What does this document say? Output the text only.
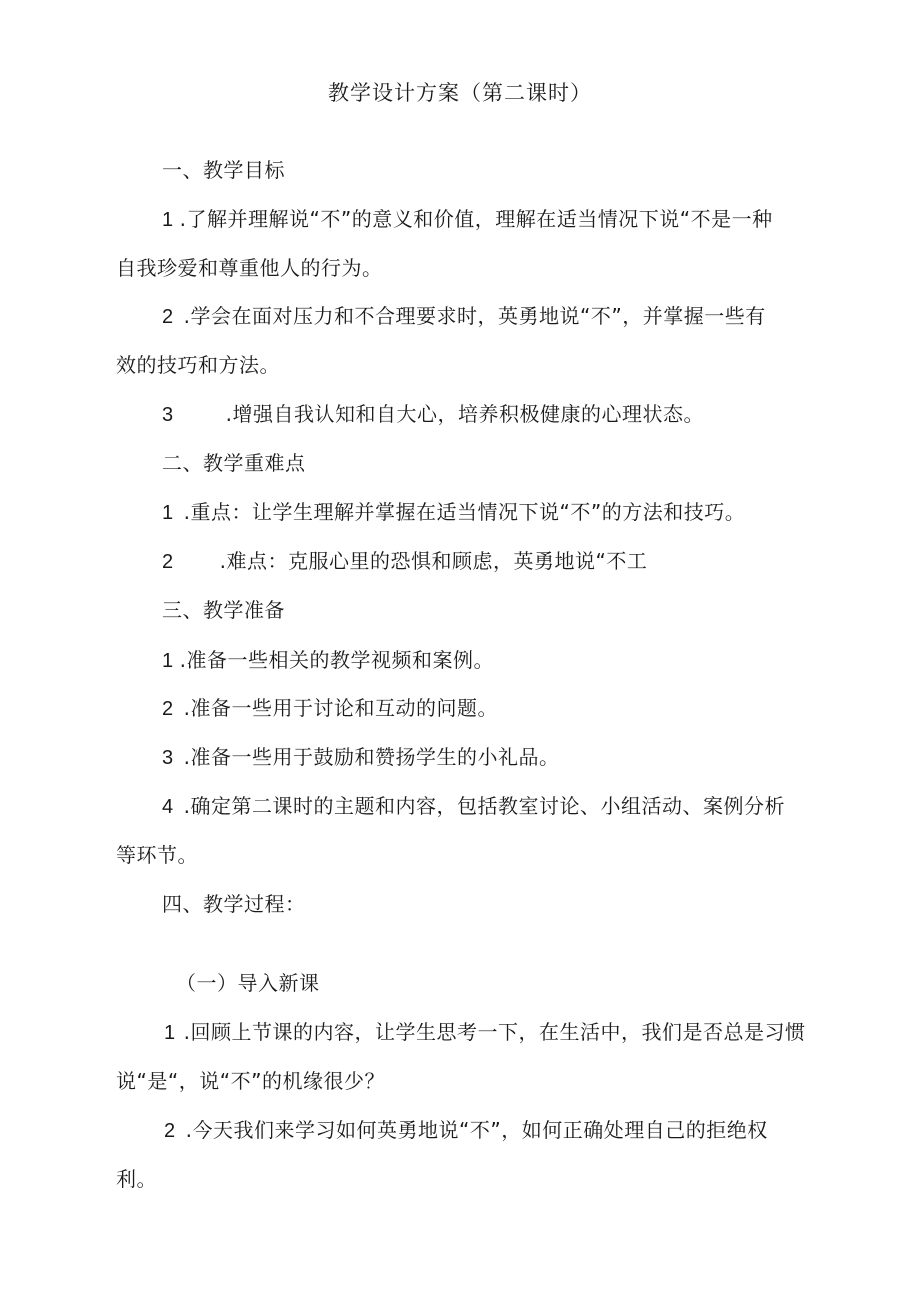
教学设计方案（第二课时）
一、教学目标
1 .了解并理解说“不”的意义和价值，理解在适当情况下说“不是一种
自我珍爱和尊重他人的行为。
2 .学会在面对压力和不合理要求时，英勇地说“不”，并掌握一些有
效的技巧和方法。
3	.增强自我认知和自大心，培养积极健康的心理状态。
二、教学重难点
1 .重点：让学生理解并掌握在适当情况下说“不”的方法和技巧。
2 .难点：克服心里的恐惧和顾虑，英勇地说“不工
三、教学准备
1 .准备一些相关的教学视频和案例。
2 .准备一些用于讨论和互动的问题。
3 .准备一些用于鼓励和赞扬学生的小礼品。
4 .确定第二课时的主题和内容，包括教室讨论、小组活动、案例分析
等环节。
四、教学过程：
（一）导入新课
1 .回顾上节课的内容，让学生思考一下，在生活中，我们是否总是习惯
说“是“，说“不”的机缘很少？
2 .今天我们来学习如何英勇地说“不”，如何正确处理自己的拒绝权
利。
